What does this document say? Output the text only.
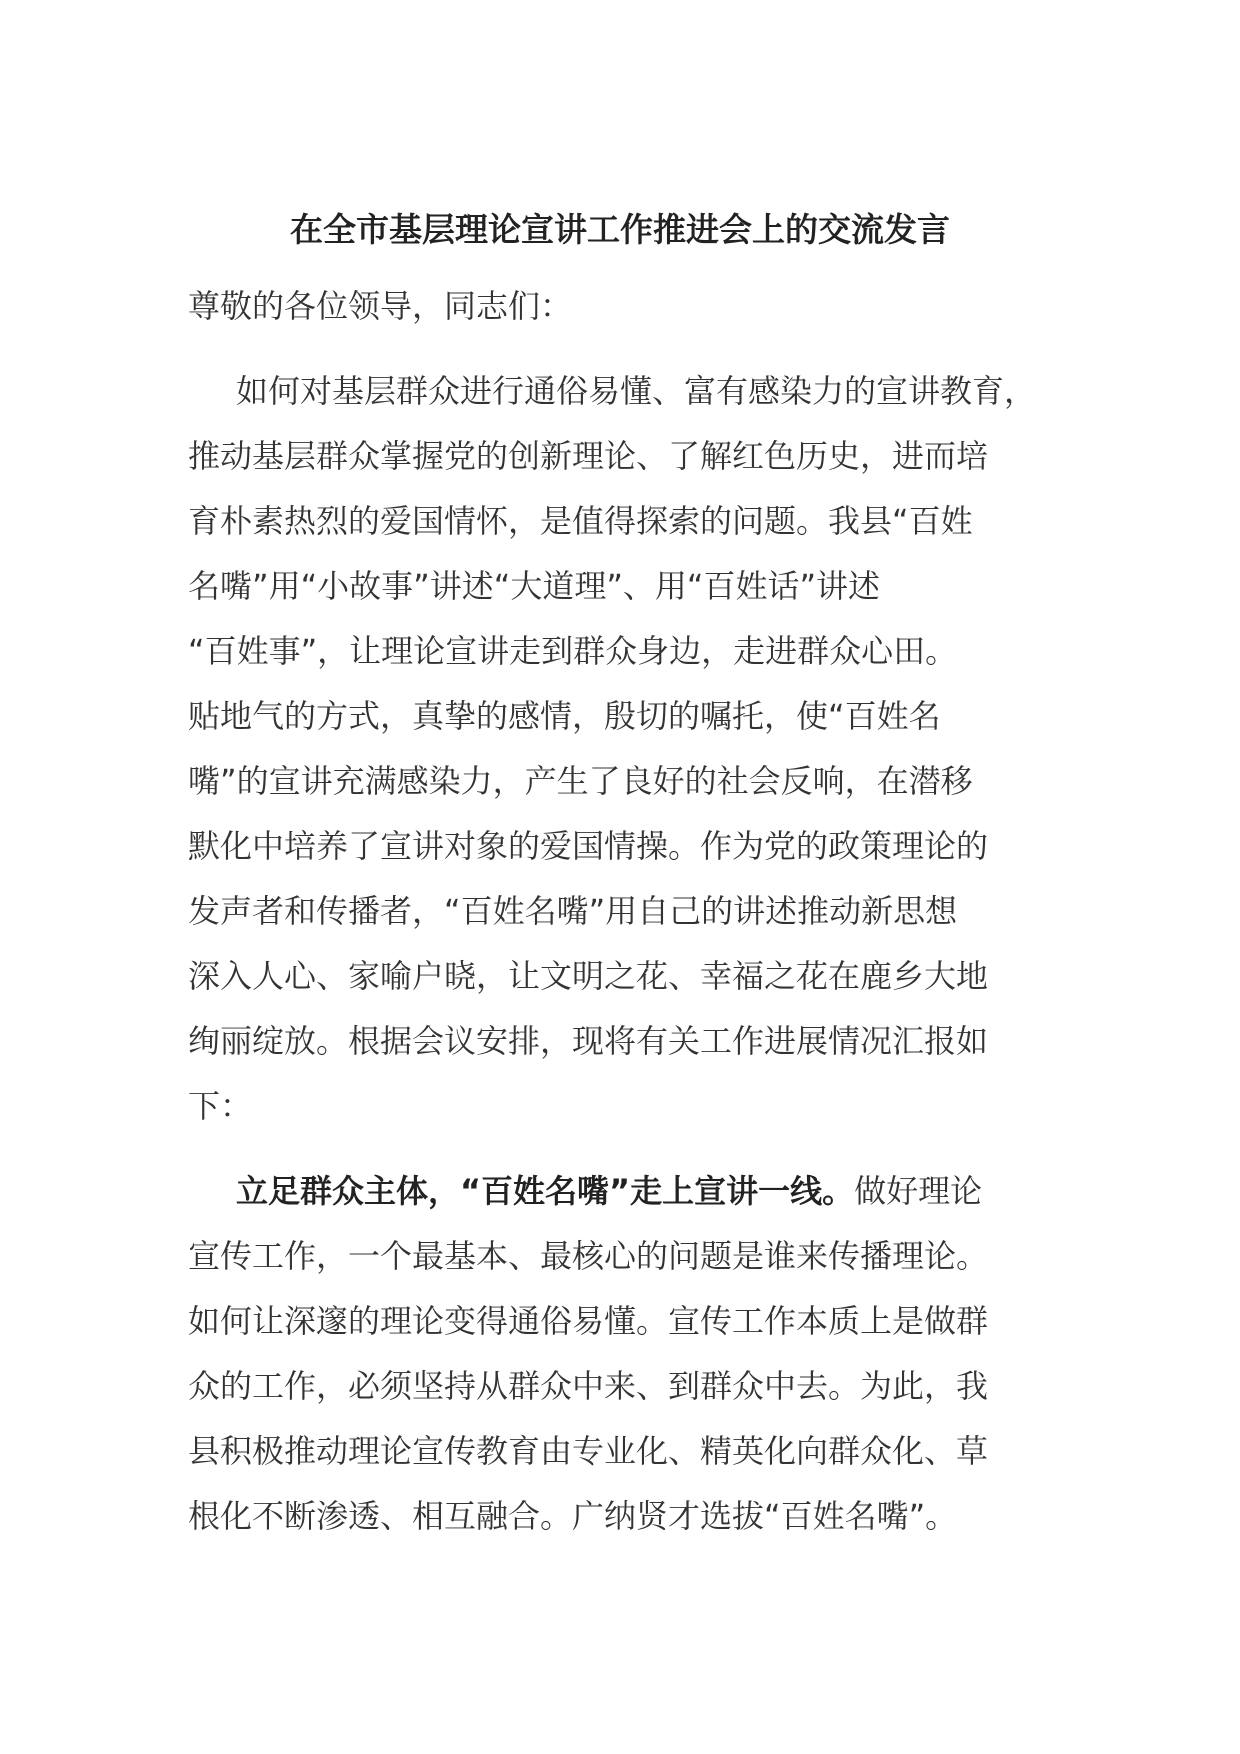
在全市基层理论宣讲工作推进会上的交流发言
尊敬的各位领导，同志们：
如何对基层群众进行通俗易懂、富有感染力的宣讲教育，
推动基层群众掌握党的创新理论、了解红色历史，进而培
育朴素热烈的爱国情怀，是值得探索的问题。我县“百姓
名嘴”用“小故事”讲述“大道理”、用“百姓话”讲述
“百姓事”，让理论宣讲走到群众身边，走进群众心田。
贴地气的方式，真挚的感情，殷切的嘱托，使“百姓名
嘴”的宣讲充满感染力，产生了良好的社会反响，在潜移
默化中培养了宣讲对象的爱国情操。作为党的政策理论的
发声者和传播者，“百姓名嘴”用自己的讲述推动新思想
深入人心、家喻户晓，让文明之花、幸福之花在鹿乡大地
绚丽绽放。根据会议安排，现将有关工作进展情况汇报如
下：
立足群众主体，“百姓名嘴”走上宣讲一线。做好理论
宣传工作，一个最基本、最核心的问题是谁来传播理论。
如何让深邃的理论变得通俗易懂。宣传工作本质上是做群
众的工作，必须坚持从群众中来、到群众中去。为此，我
县积极推动理论宣传教育由专业化、精英化向群众化、草
根化不断渗透、相互融合。广纳贤才选拔“百姓名嘴”。
